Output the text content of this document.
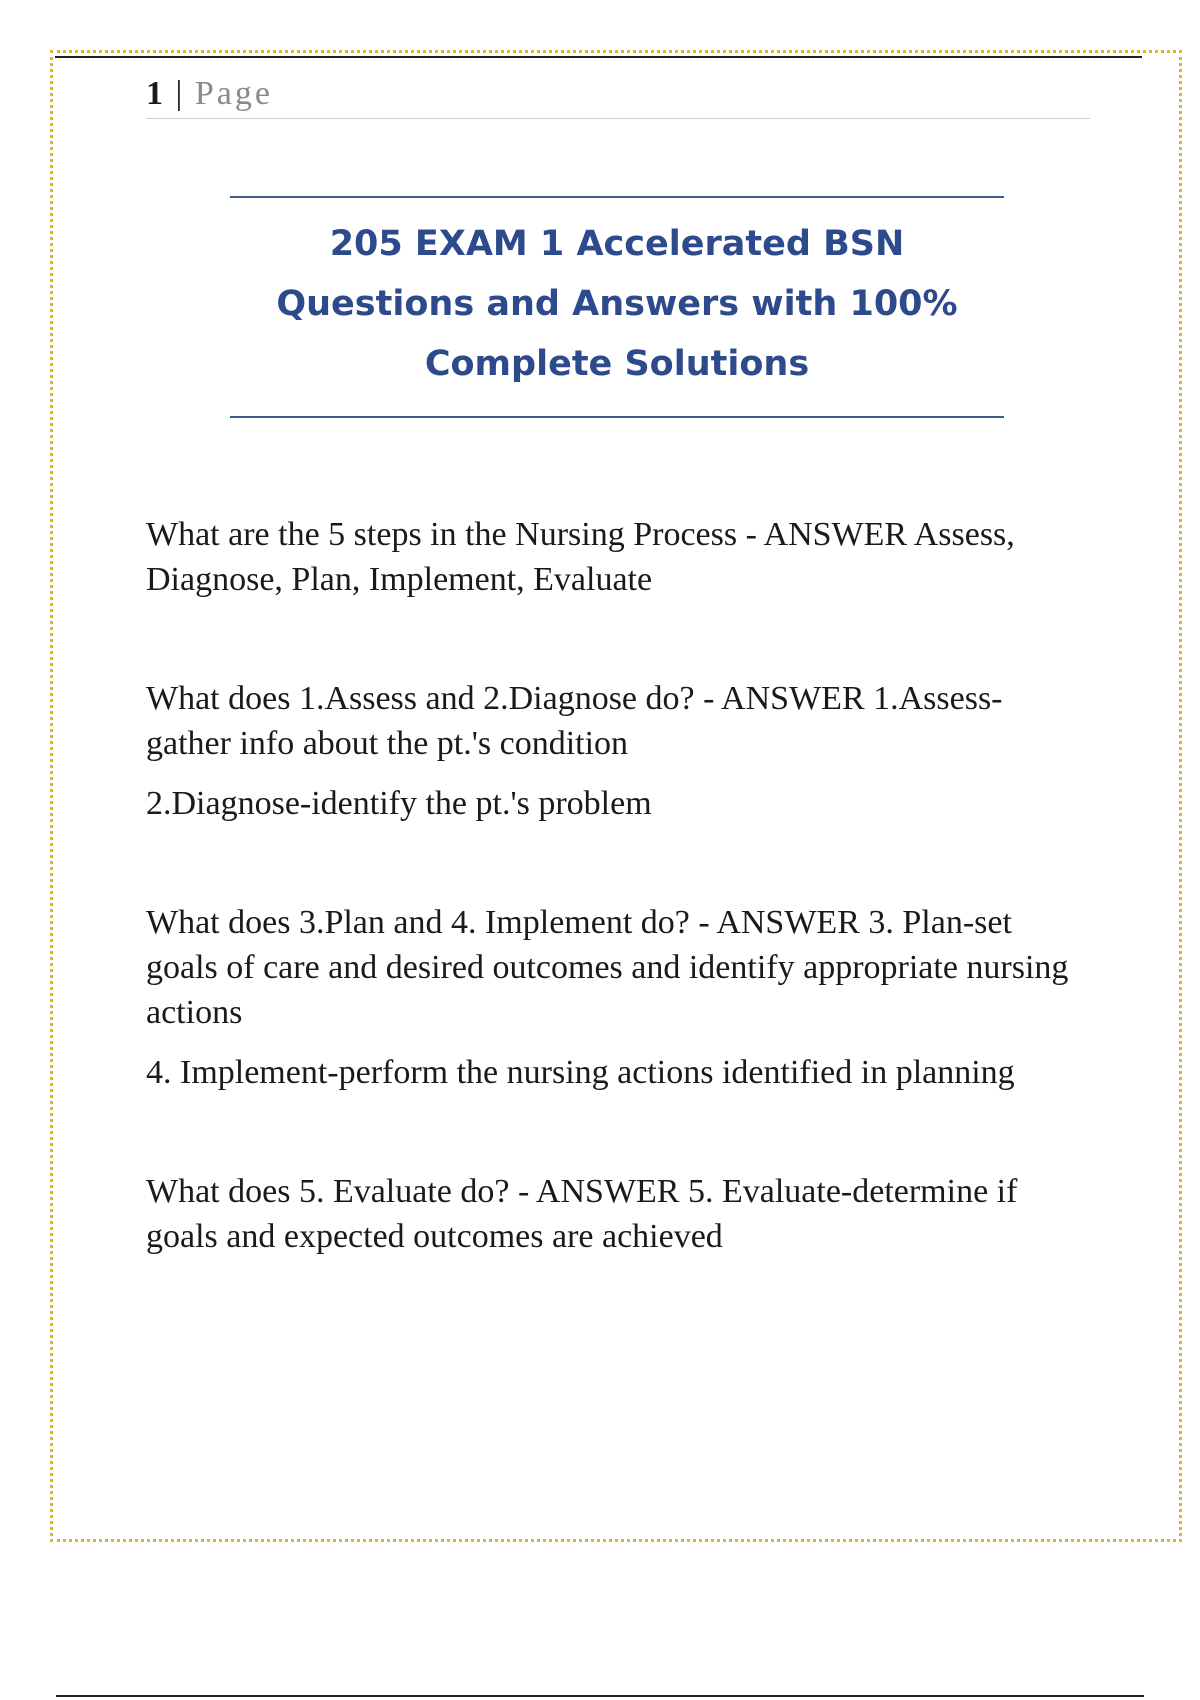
1 | Page
205 EXAM 1 Accelerated BSN
Questions and Answers with 100%
Complete Solutions

What are the 5 steps in the Nursing Process - ANSWER Assess, Diagnose, Plan, Implement, Evaluate

What does 1.Assess and 2.Diagnose do? - ANSWER 1.Assess-gather info about the pt.'s condition

2.Diagnose-identify the pt.'s problem

What does 3.Plan and 4. Implement do? - ANSWER 3. Plan-set goals of care and desired outcomes and identify appropriate nursing actions

4. Implement-perform the nursing actions identified in planning

What does 5. Evaluate do? - ANSWER 5. Evaluate-determine if goals and expected outcomes are achieved
